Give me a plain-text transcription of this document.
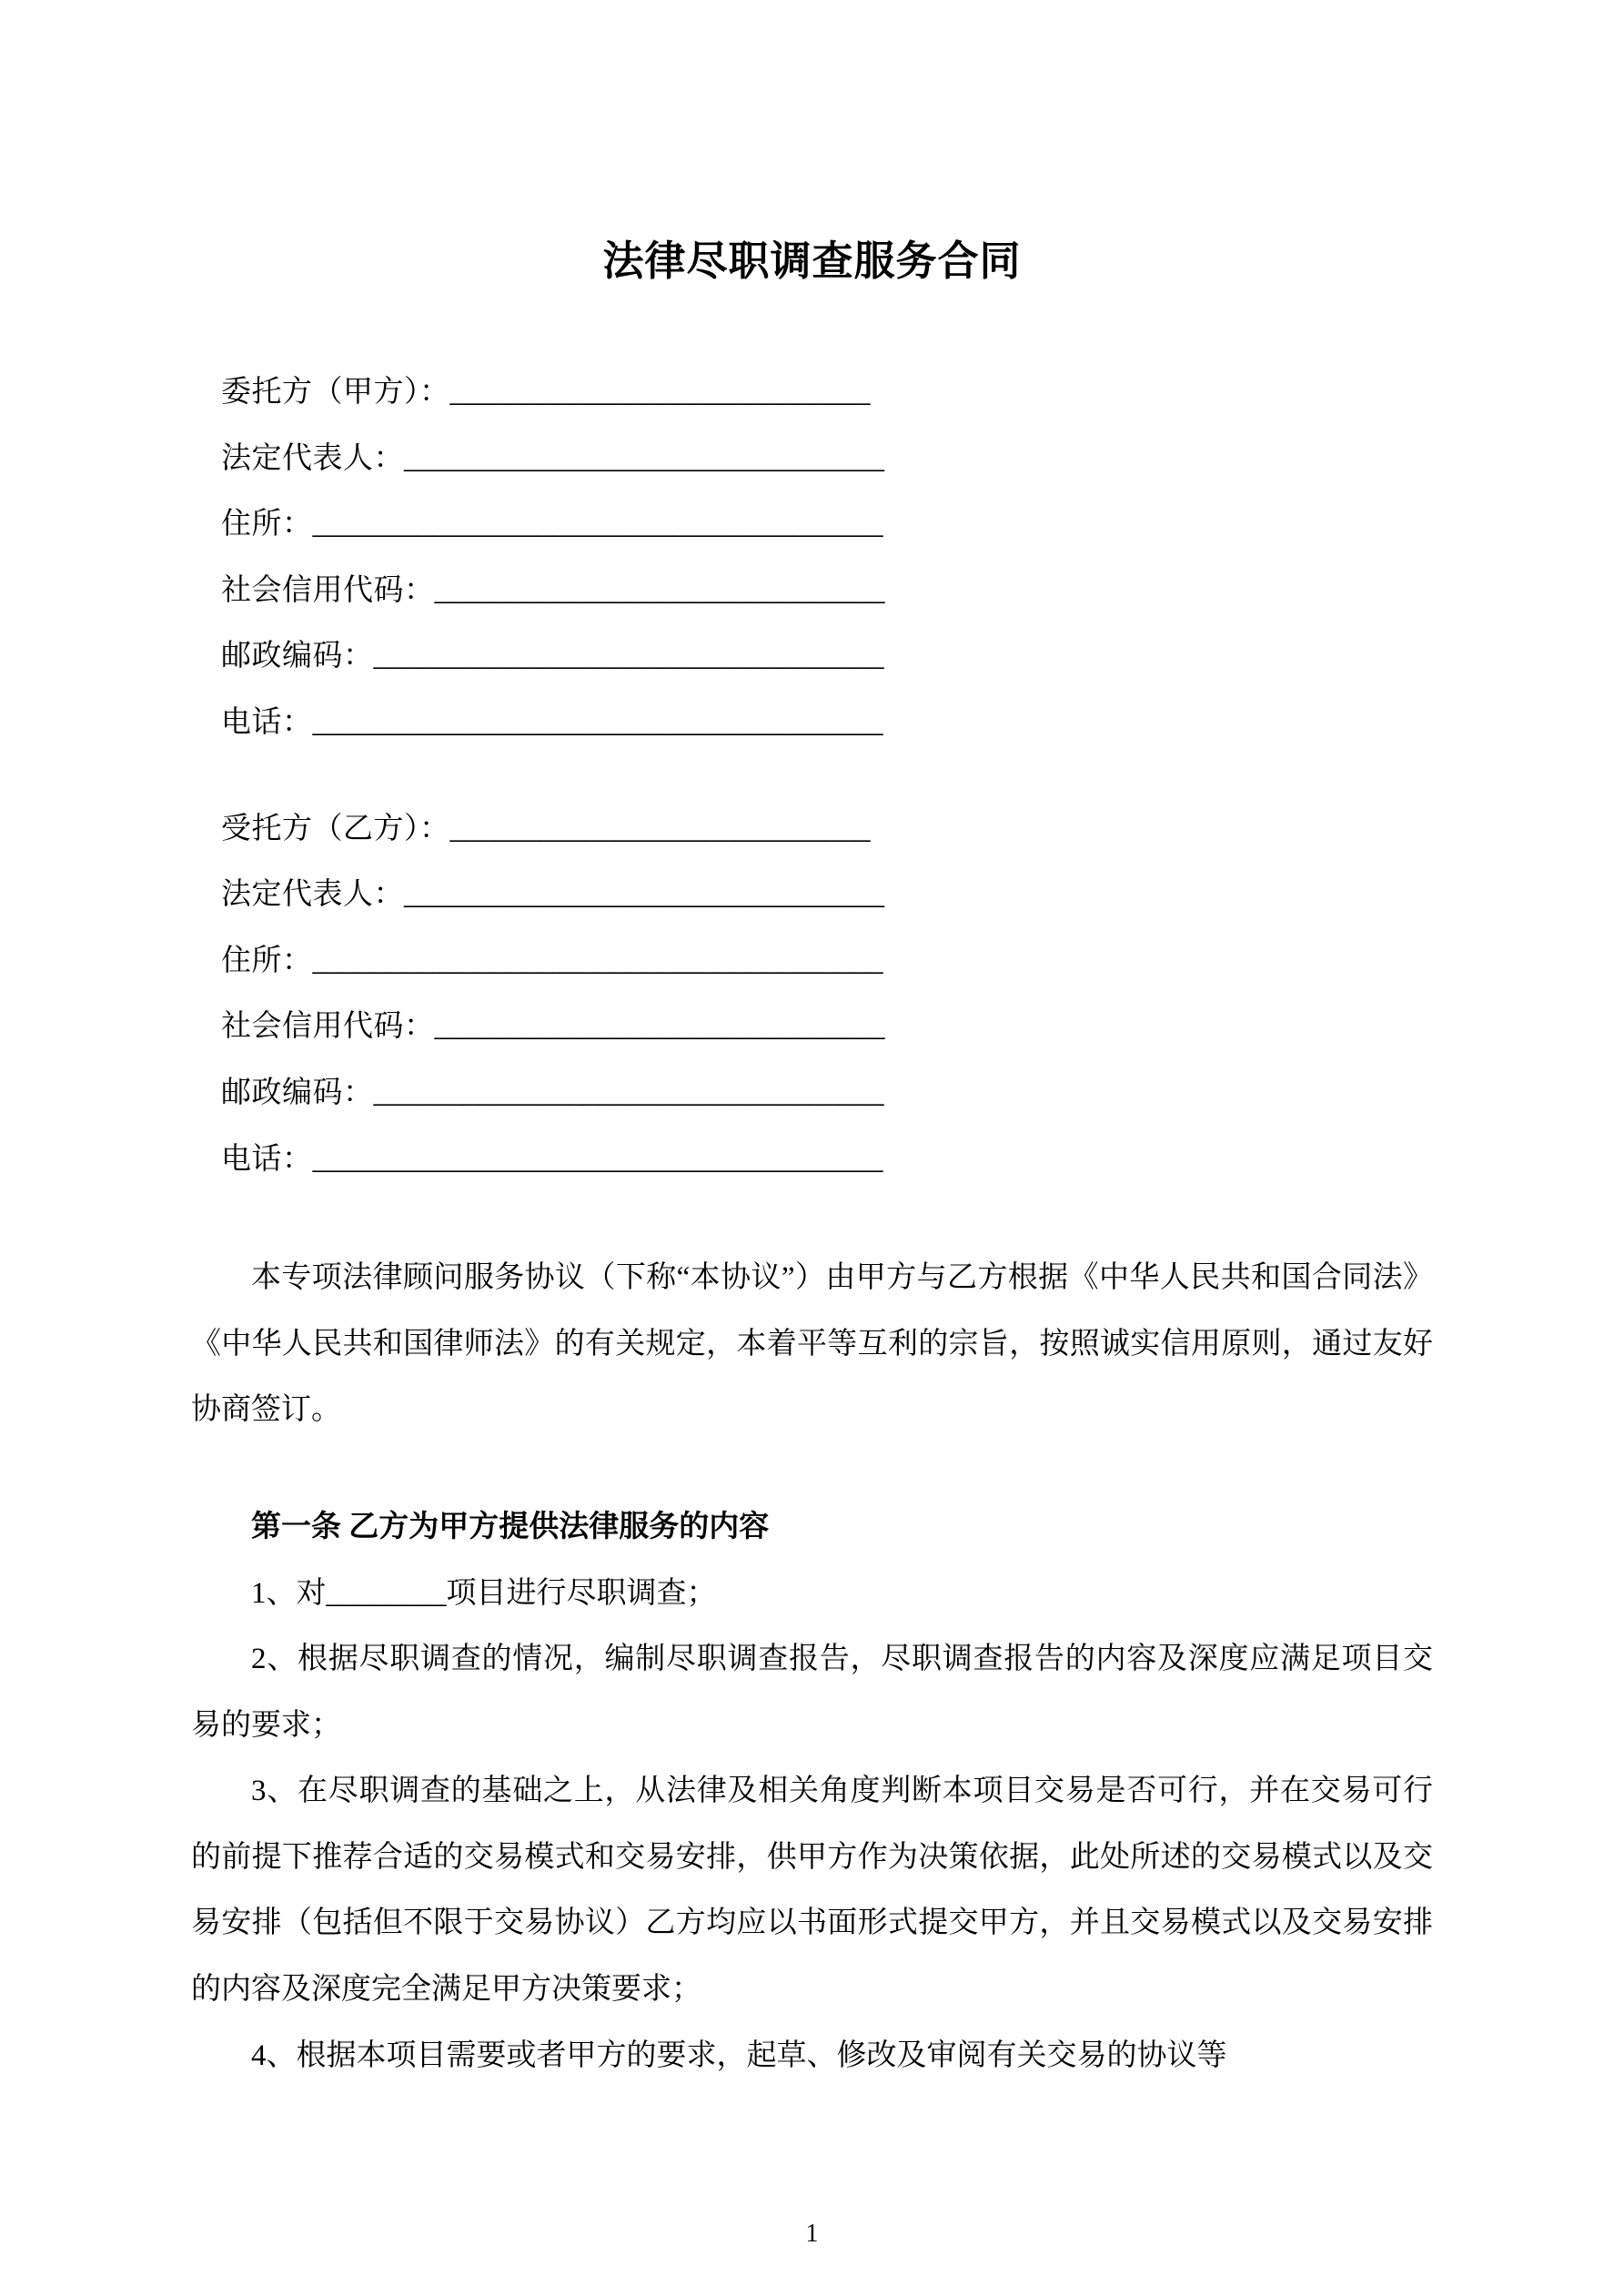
法律尽职调查服务合同
委托方（甲方）：____________________________
法定代表人：________________________________
住所：______________________________________
社会信用代码：______________________________
邮政编码：__________________________________
电话：______________________________________
受托方（乙方）：____________________________
法定代表人：________________________________
住所：______________________________________
社会信用代码：______________________________
邮政编码：__________________________________
电话：______________________________________

本专项法律顾问服务协议（下称“本协议”）由甲方与乙方根据《中华人民共和国合同法》《中华人民共和国律师法》的有关规定，本着平等互利的宗旨，按照诚实信用原则，通过友好协商签订。

第一条 乙方为甲方提供法律服务的内容

1、对________项目进行尽职调查；

2、根据尽职调查的情况，编制尽职调查报告，尽职调查报告的内容及深度应满足项目交易的要求；

3、在尽职调查的基础之上，从法律及相关角度判断本项目交易是否可行，并在交易可行的前提下推荐合适的交易模式和交易安排，供甲方作为决策依据，此处所述的交易模式以及交易安排（包括但不限于交易协议）乙方均应以书面形式提交甲方，并且交易模式以及交易安排的内容及深度完全满足甲方决策要求；

4、根据本项目需要或者甲方的要求，起草、修改及审阅有关交易的协议等

1
